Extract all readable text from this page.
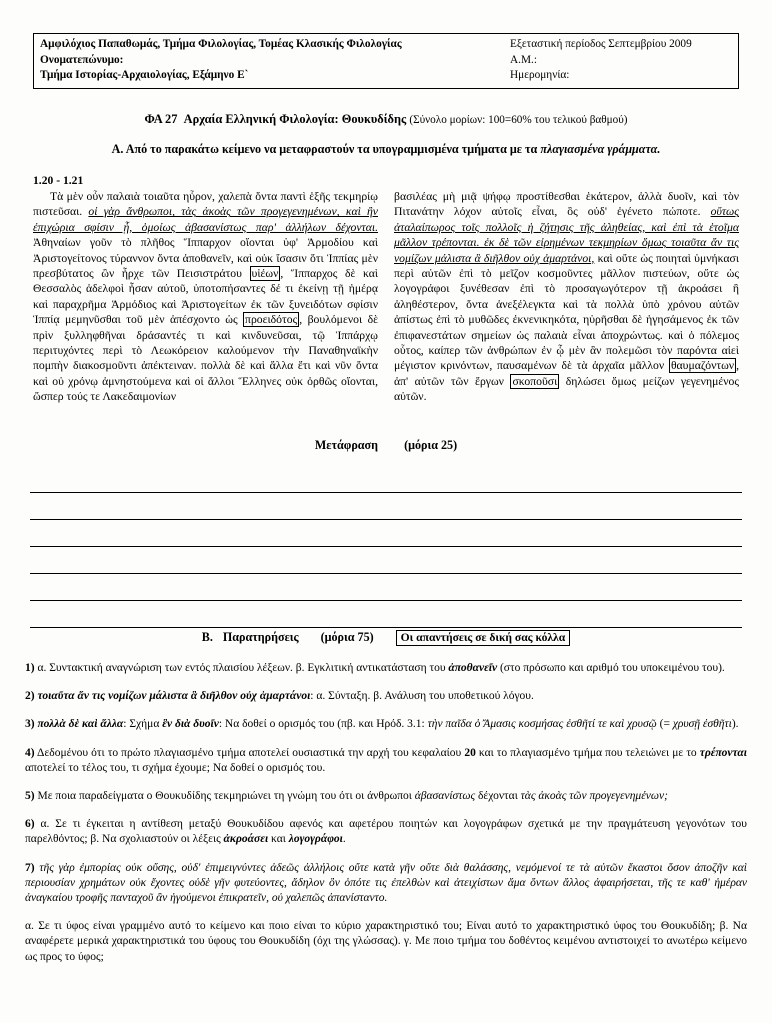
Αμφιλόχιος Παπαθωμάς, Τμήμα Φιλολογίας, Τομέας Κλασικής Φιλολογίας
Ονοματεπώνυμο:
Τμήμα Ιστορίας-Αρχαιολογίας, Εξάμηνο Ε`
Εξεταστική περίοδος Σεπτεμβρίου 2009
Α.Μ.:
Ημερομηνία:
ΦΑ 27 Αρχαία Ελληνική Φιλολογία: Θουκυδίδης (Σύνολο μορίων: 100=60% του τελικού βαθμού)
Α. Από το παρακάτω κείμενο να μεταφραστούν τα υπογραμμισμένα τμήματα με τα πλαγιασμένα γράμματα.
1.20 - 1.21

Τὰ μὲν οὖν παλαιὰ τοιαῦτα ηὗρον, χαλεπὰ ὄντα παντὶ ἑξῆς τεκμηρίῳ πιστεῦσαι. οἱ γὰρ ἄνθρωποι, τὰς ἀκοὰς τῶν προγεγενημένων, καὶ ἢν ἐπιχώρια σφίσιν ᾖ, ὁμοίως ἀβασανίστως παρ' ἀλλήλων δέχονται. Ἀθηναίων γοῦν τὸ πλῆθος Ἵππαρχον οἴονται ὑφ' Ἁρμοδίου καὶ Ἀριστογείτονος τύραννον ὄντα ἀποθανεῖν, καὶ οὐκ ἴσασιν ὅτι Ἱππίας μὲν πρεσβύτατος ὢν ἦρχε τῶν Πεισιστράτου υἱέων , Ἵππαρχος δὲ καὶ Θεσσαλὸς ἀδελφοὶ ἦσαν αὐτοῦ, ὑποτοπήσαντες δέ τι ἐκείνῃ τῇ ἡμέρᾳ καὶ παραχρῆμα Ἁρμόδιος καὶ Ἀριστογείτων ἐκ τῶν ξυνειδότων σφίσιν Ἱππίᾳ μεμηνῦσθαι τοῦ μὲν ἀπέσχοντο ὡς προειδότος , βουλόμενοι δὲ πρὶν ξυλληφθῆναι δράσαντές τι καὶ κινδυνεῦσαι, τῷ Ἱππάρχῳ περιτυχόντες περὶ τὸ Λεωκόρειον καλούμενον τὴν Παναθηναϊκὴν πομπὴν διακοσμοῦντι ἀπέκτειναν. πολλὰ δὲ καὶ ἄλλα ἔτι καὶ νῦν ὄντα καὶ οὐ χρόνῳ ἀμνηστούμενα καὶ οἱ ἄλλοι Ἕλληνες οὐκ ὀρθῶς οἴονται, ὥσπερ τούς τε Λακεδαιμονίων

βασιλέας μὴ μιᾷ ψήφῳ προστίθεσθαι ἑκάτερον, ἀλλὰ δυοῖν, καὶ τὸν Πιτανάτην λόχον αὐτοῖς εἶναι, ὃς οὐδ' ἐγένετο πώποτε. οὕτως ἀταλαίπωρος τοῖς πολλοῖς ἡ ζήτησις τῆς ἀληθείας, καὶ ἐπὶ τὰ ἑτοῖμα μᾶλλον τρέπονται. ἐκ δὲ τῶν εἰρημένων τεκμηρίων ὅμως τοιαῦτα ἄν τις νομίζων μάλιστα ἃ διῆλθον οὐχ ἁμαρτάνοι, καὶ οὔτε ὡς ποιηταὶ ὑμνήκασι περὶ αὐτῶν ἐπὶ τὸ μεῖζον κοσμοῦντες μᾶλλον πιστεύων, οὔτε ὡς λογογράφοι ξυνέθεσαν ἐπὶ τὸ προσαγωγότερον τῇ ἀκροάσει ἢ ἀληθέστερον, ὄντα ἀνεξέλεγκτα καὶ τὰ πολλὰ ὑπὸ χρόνου αὐτῶν ἀπίστως ἐπὶ τὸ μυθῶδες ἐκνενικηκότα, ηὑρῆσθαι δὲ ἡγησάμενος ἐκ τῶν ἐπιφανεστάτων σημείων ὡς παλαιὰ εἶναι ἀποχρώντως. καὶ ὁ πόλεμος οὗτος, καίπερ τῶν ἀνθρώπων ἐν ᾧ μὲν ἂν πολεμῶσι τὸν παρόντα αἰεὶ μέγιστον κρινόντων, παυσαμένων δὲ τὰ ἀρχαῖα μᾶλλον θαυμαζόντων , ἀπ' αὐτῶν τῶν ἔργων σκοποῦσι δηλώσει ὅμως μείζων γεγενημένος αὐτῶν.

Μετάφραση (μόρια 25)
Β. Παρατηρήσεις (μόρια 75) Οι απαντήσεις σε δική σας κόλλα
1) α. Συντακτική αναγνώριση των εντός πλαισίου λέξεων. β. Εγκλιτική αντικατάσταση του ἀποθανεῖν (στο πρόσωπο και αριθμό του υποκειμένου του).
2) τοιαῦτα ἄν τις νομίζων μάλιστα ἃ διῆλθον οὐχ ἁμαρτάνοι: α. Σύνταξη. β. Ανάλυση του υποθετικού λόγου.
3) πολλὰ δὲ καὶ ἄλλα: Σχήμα ἓν διὰ δυοῖν: Να δοθεί ο ορισμός του (πβ. και Ηρόδ. 3.1: τὴν παῖδα ὁ Ἄμασις κοσμήσας ἐσθῆτί τε καὶ χρυσῷ (= χρυσῇ ἐσθῆτι).
4) Δεδομένου ότι το πρώτο πλαγιασμένο τμήμα αποτελεί ουσιαστικά την αρχή του κεφαλαίου 20 και το πλαγιασμένο τμήμα που τελειώνει με το τρέπονται αποτελεί το τέλος του, τι σχήμα έχουμε; Να δοθεί ο ορισμός του.
5) Με ποια παραδείγματα ο Θουκυδίδης τεκμηριώνει τη γνώμη του ότι οι άνθρωποι ἀβασανίστως δέχονται τὰς ἀκοὰς τῶν προγεγενημένων;
6) α. Σε τι έγκειται η αντίθεση μεταξύ Θουκυδίδου αφενός και αφετέρου ποιητών και λογογράφων σχετικά με την πραγμάτευση γεγονότων του παρελθόντος; β. Να σχολιαστούν οι λέξεις ἀκροάσει και λογογράφοι.
7) τῆς γὰρ ἐμπορίας οὐκ οὔσης, οὐδ' ἐπιμειγνύντες ἀδεῶς ἀλλήλοις οὔτε κατὰ γῆν οὔτε διὰ θαλάσσης, νεμόμενοί τε τὰ αὑτῶν ἕκαστοι ὅσον ἀποζῆν καὶ περιουσίαν χρημάτων οὐκ ἔχοντες οὐδὲ γῆν φυτεύοντες, ἄδηλον ὂν ὁπότε τις ἐπελθὼν καὶ ἀτειχίστων ἅμα ὄντων ἄλλος ἀφαιρήσεται, τῆς τε καθ' ἡμέραν ἀναγκαίου τροφῆς πανταχοῦ ἂν ἡγούμενοι ἐπικρατεῖν, οὐ χαλεπῶς ἀπανίσταντο.
α. Σε τι ύφος είναι γραμμένο αυτό το κείμενο και ποιο είναι το κύριο χαρακτηριστικό του; Είναι αυτό το χαρακτηριστικό ύφος του Θουκυδίδη; β. Να αναφέρετε μερικά χαρακτηριστικά του ύφους του Θουκυδίδη (όχι της γλώσσας). γ. Με ποιο τμήμα του δοθέντος κειμένου αντιστοιχεί το ανωτέρω κείμενο ως προς το ύφος;
